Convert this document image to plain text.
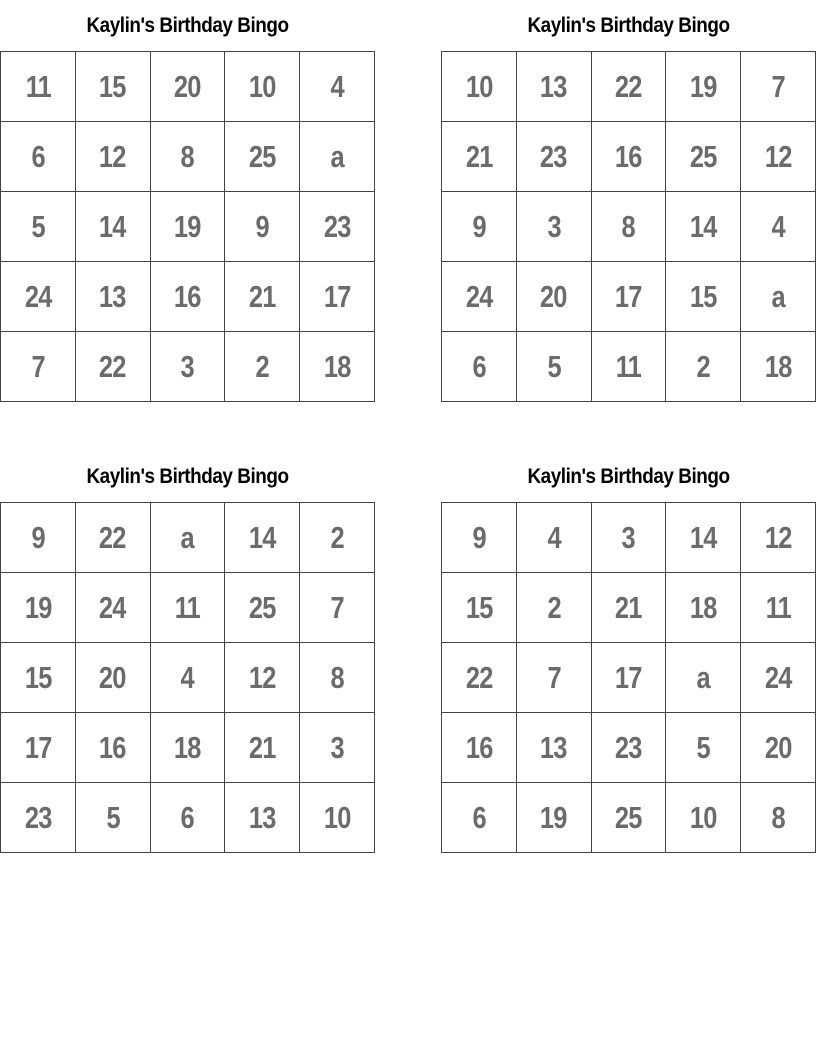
Kaylin's Birthday Bingo
11	15	20	10	4
6	12	8	25	a
5	14	19	9	23
24	13	16	21	17
7	22	3	2	18
Kaylin's Birthday Bingo
10	13	22	19	7
21	23	16	25	12
9	3	8	14	4
24	20	17	15	a
6	5	11	2	18
Kaylin's Birthday Bingo
9	22	a	14	2
19	24	11	25	7
15	20	4	12	8
17	16	18	21	3
23	5	6	13	10
Kaylin's Birthday Bingo
9	4	3	14	12
15	2	21	18	11
22	7	17	a	24
16	13	23	5	20
6	19	25	10	8
